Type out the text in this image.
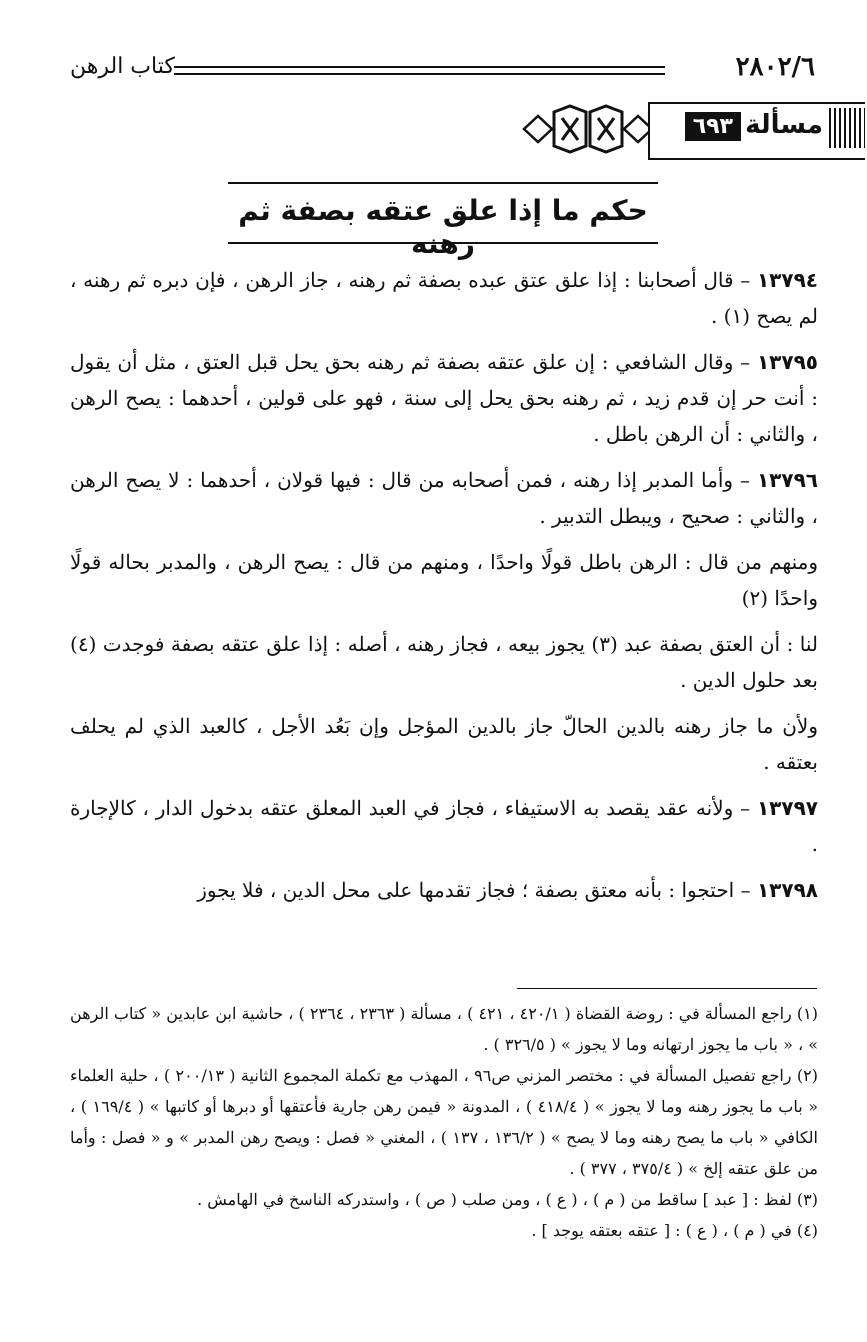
٢٨٠٢/٦
كتاب الرهن
مسألة
٦٩٣
حكم ما إذا علق عتقه بصفة ثم رهنه

١٣٧٩٤ – قال أصحابنا : إذا علق عتق عبده بصفة ثم رهنه ، جاز الرهن ، فإن دبره ثم رهنه ، لم يصح (١) .

١٣٧٩٥ – وقال الشافعي : إن علق عتقه بصفة ثم رهنه بحق يحل قبل العتق ، مثل أن يقول : أنت حر إن قدم زيد ، ثم رهنه بحق يحل إلى سنة ، فهو على قولين ، أحدهما : يصح الرهن ، والثاني : أن الرهن باطل .

١٣٧٩٦ – وأما المدبر إذا رهنه ، فمن أصحابه من قال : فيها قولان ، أحدهما : لا يصح الرهن ، والثاني : صحيح ، ويبطل التدبير .

ومنهم من قال : الرهن باطل قولًا واحدًا ، ومنهم من قال : يصح الرهن ، والمدبر بحاله قولًا واحدًا (٢)

لنا : أن العتق بصفة عبد (٣) يجوز بيعه ، فجاز رهنه ، أصله : إذا علق عتقه بصفة فوجدت (٤) بعد حلول الدين .

ولأن ما جاز رهنه بالدين الحالّ جاز بالدين المؤجل وإن بَعُد الأجل ، كالعبد الذي لم يحلف بعتقه .

١٣٧٩٧ – ولأنه عقد يقصد به الاستيفاء ، فجاز في العبد المعلق عتقه بدخول الدار ، كالإجارة .

١٣٧٩٨ – احتجوا : بأنه معتق بصفة ؛ فجاز تقدمها على محل الدين ، فلا يجوز

(١) راجع المسألة في : روضة القضاة ( ٤٢٠/١ ، ٤٢١ ) ، مسألة ( ٢٣٦٣ ، ٢٣٦٤ ) ، حاشية ابن عابدين « كتاب الرهن » ، « باب ما يجوز ارتهانه وما لا يجوز » ( ٣٢٦/٥ ) .

(٢) راجع تفصيل المسألة في : مختصر المزني ص٩٦ ، المهذب مع تكملة المجموع الثانية ( ٢٠٠/١٣ ) ، حلية العلماء « باب ما يجوز رهنه وما لا يجوز » ( ٤١٨/٤ ) ، المدونة « فيمن رهن جارية فأعتقها أو دبرها أو كاتبها » ( ١٦٩/٤ ) ، الكافي « باب ما يصح رهنه وما لا يصح » ( ١٣٦/٢ ، ١٣٧ ) ، المغني « فصل : ويصح رهن المدبر » و « فصل : وأما من علق عتقه إلخ » ( ٣٧٥/٤ ، ٣٧٧ ) .

(٣) لفظ : [ عبد ] ساقط من ( م ) ، ( ع ) ، ومن صلب ( ص ) ، واستدركه الناسخ في الهامش .

(٤) في ( م ) ، ( ع ) : [ عتقه بعتقه يوجد ] .
